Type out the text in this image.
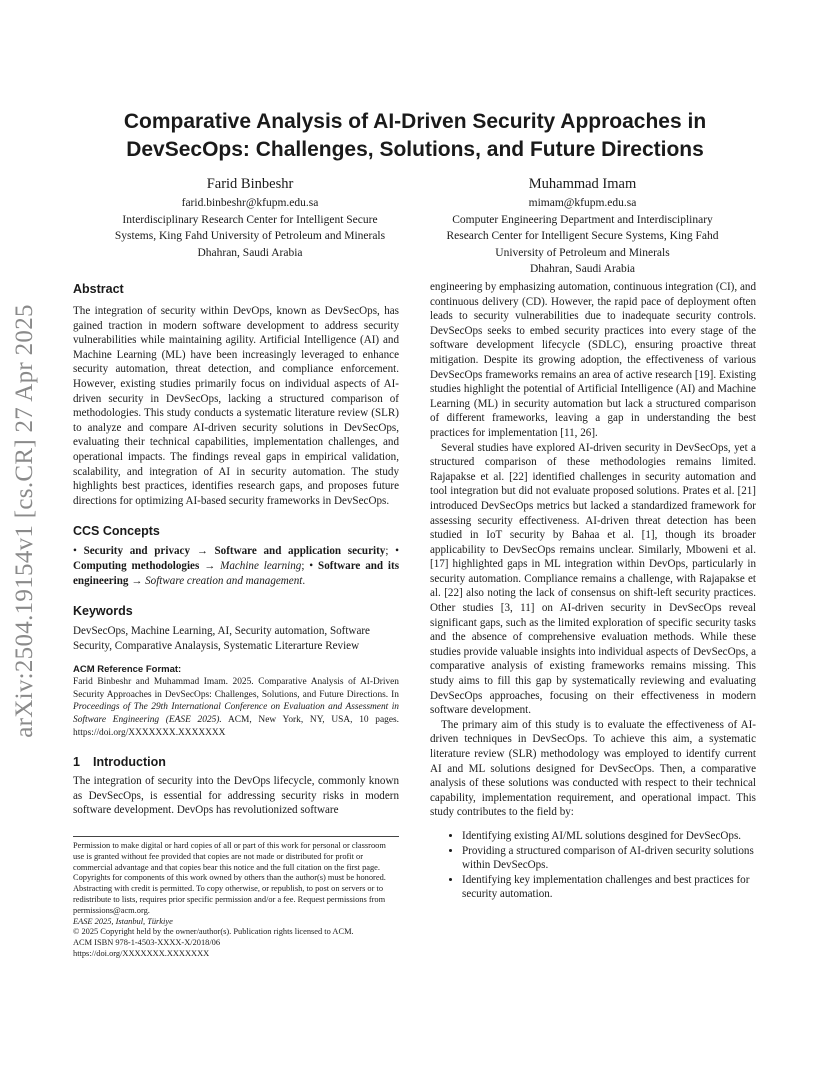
arXiv:2504.19154v1 [cs.CR] 27 Apr 2025
Comparative Analysis of AI-Driven Security Approaches in DevSecOps: Challenges, Solutions, and Future Directions
Farid Binbeshr
farid.binbeshr@kfupm.edu.sa
Interdisciplinary Research Center for Intelligent Secure
Systems, King Fahd University of Petroleum and Minerals
Dhahran, Saudi Arabia
Muhammad Imam
mimam@kfupm.edu.sa
Computer Engineering Department and Interdisciplinary
Research Center for Intelligent Secure Systems, King Fahd
University of Petroleum and Minerals
Dhahran, Saudi Arabia
Abstract

The integration of security within DevOps, known as DevSecOps, has gained traction in modern software development to address security vulnerabilities while maintaining agility. Artificial Intelligence (AI) and Machine Learning (ML) have been increasingly leveraged to enhance security automation, threat detection, and compliance enforcement. However, existing studies primarily focus on individual aspects of AI-driven security in DevSecOps, lacking a structured comparison of methodologies. This study conducts a systematic literature review (SLR) to analyze and compare AI-driven security solutions in DevSecOps, evaluating their technical capabilities, implementation challenges, and operational impacts. The findings reveal gaps in empirical validation, scalability, and integration of AI in security automation. The study highlights best practices, identifies research gaps, and proposes future directions for optimizing AI-based security frameworks in DevSecOps.

CCS Concepts

• Security and privacy → Software and application security; • Computing methodologies → Machine learning; • Software and its engineering → Software creation and management.

Keywords

DevSecOps, Machine Learning, AI, Security automation, Software Security, Comparative Analaysis, Systematic Literarture Review

ACM Reference Format:

Farid Binbeshr and Muhammad Imam. 2025. Comparative Analysis of AI-Driven Security Approaches in DevSecOps: Challenges, Solutions, and Future Directions. In Proceedings of The 29th International Conference on Evaluation and Assessment in Software Engineering (EASE 2025). ACM, New York, NY, USA, 10 pages. https://doi.org/XXXXXXX.XXXXXXX

1 Introduction

The integration of security into the DevOps lifecycle, commonly known as DevSecOps, is essential for addressing security risks in modern software development. DevOps has revolutionized software

Permission to make digital or hard copies of all or part of this work for personal or classroom use is granted without fee provided that copies are not made or distributed for profit or commercial advantage and that copies bear this notice and the full citation on the first page. Copyrights for components of this work owned by others than the author(s) must be honored. Abstracting with credit is permitted. To copy otherwise, or republish, to post on servers or to redistribute to lists, requires prior specific permission and/or a fee. Request permissions from permissions@acm.org.

EASE 2025, Istanbul, Türkiye

© 2025 Copyright held by the owner/author(s). Publication rights licensed to ACM.

ACM ISBN 978-1-4503-XXXX-X/2018/06

https://doi.org/XXXXXXX.XXXXXXX

engineering by emphasizing automation, continuous integration (CI), and continuous delivery (CD). However, the rapid pace of deployment often leads to security vulnerabilities due to inadequate security controls. DevSecOps seeks to embed security practices into every stage of the software development lifecycle (SDLC), ensuring proactive threat mitigation. Despite its growing adoption, the effectiveness of various DevSecOps frameworks remains an area of active research [19]. Existing studies highlight the potential of Artificial Intelligence (AI) and Machine Learning (ML) in security automation but lack a structured comparison of different frameworks, leaving a gap in understanding the best practices for implementation [11, 26].

Several studies have explored AI-driven security in DevSecOps, yet a structured comparison of these methodologies remains limited. Rajapakse et al. [22] identified challenges in security automation and tool integration but did not evaluate proposed solutions. Prates et al. [21] introduced DevSecOps metrics but lacked a standardized framework for assessing security effectiveness. AI-driven threat detection has been studied in IoT security by Bahaa et al. [1], though its broader applicability to DevSecOps remains unclear. Similarly, Mboweni et al. [17] highlighted gaps in ML integration within DevOps, particularly in security automation. Compliance remains a challenge, with Rajapakse et al. [22] also noting the lack of consensus on shift-left security practices. Other studies [3, 11] on AI-driven security in DevSecOps reveal significant gaps, such as the limited exploration of specific security tasks and the absence of comprehensive evaluation methods. While these studies provide valuable insights into individual aspects of DevSecOps, a comparative analysis of existing frameworks remains missing. This study aims to fill this gap by systematically reviewing and evaluating DevSecOps approaches, focusing on their effectiveness in modern software development.

The primary aim of this study is to evaluate the effectiveness of AI-driven techniques in DevSecOps. To achieve this aim, a systematic literature review (SLR) methodology was employed to identify current AI and ML solutions designed for DevSecOps. Then, a comparative analysis of these solutions was conducted with respect to their technical capability, implementation requirement, and operational impact. This study contributes to the field by:

• Identifying existing AI/ML solutions desgined for DevSecOps.
• Providing a structured comparison of AI-driven security solutions within DevSecOps.
• Identifying key implementation challenges and best practices for security automation.
